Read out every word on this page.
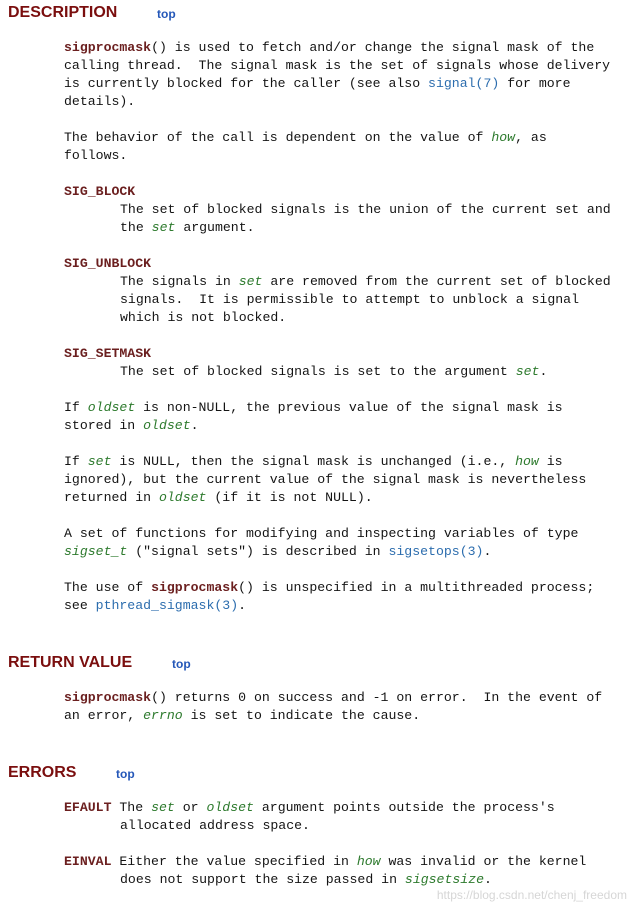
DESCRIPTION	top
sigprocmask() is used to fetch and/or change the signal mask of the
calling thread.  The signal mask is the set of signals whose delivery
is currently blocked for the caller (see also signal(7) for more
details).
The behavior of the call is dependent on the value of how, as
follows.
SIG_BLOCK
The set of blocked signals is the union of the current set and
the set argument.
SIG_UNBLOCK
The signals in set are removed from the current set of blocked
signals.  It is permissible to attempt to unblock a signal
which is not blocked.
SIG_SETMASK
The set of blocked signals is set to the argument set.
If oldset is non-NULL, the previous value of the signal mask is
stored in oldset.
If set is NULL, then the signal mask is unchanged (i.e., how is
ignored), but the current value of the signal mask is nevertheless
returned in oldset (if it is not NULL).
A set of functions for modifying and inspecting variables of type
sigset_t ("signal sets") is described in sigsetops(3).
The use of sigprocmask() is unspecified in a multithreaded process;
see pthread_sigmask(3).
RETURN VALUE	top
sigprocmask() returns 0 on success and -1 on error.  In the event of
an error, errno is set to indicate the cause.
ERRORS	top
EFAULT The set or oldset argument points outside the process's
allocated address space.
EINVAL Either the value specified in how was invalid or the kernel
does not support the size passed in sigsetsize.
https://blog.csdn.net/chenj_freedom
